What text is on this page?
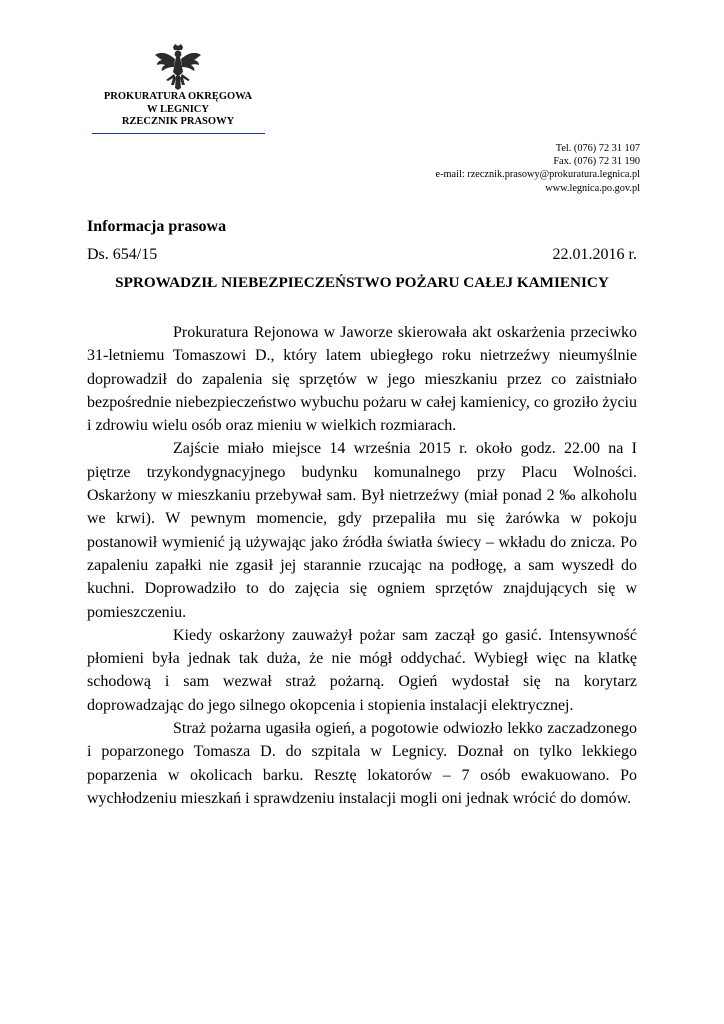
PROKURATURA OKRĘGOWA
W LEGNICY
RZECZNIK PRASOWY
Tel. (076) 72 31 107
Fax. (076) 72 31 190
e-mail: rzecznik.prasowy@prokuratura.legnica.pl
www.legnica.po.gov.pl
Informacja prasowa
Ds. 654/15	22.01.2016 r.
SPROWADZIŁ NIEBEZPIECZEŃSTWO POŻARU CAŁEJ KAMIENICY

Prokuratura Rejonowa w Jaworze skierowała akt oskarżenia przeciwko 31-letniemu Tomaszowi D., który latem ubiegłego roku nietrzeźwy nieumyślnie doprowadził do zapalenia się sprzętów w jego mieszkaniu przez co zaistniało bezpośrednie niebezpieczeństwo wybuchu pożaru w całej kamienicy, co groziło życiu i zdrowiu wielu osób oraz mieniu w wielkich rozmiarach.

Zajście miało miejsce 14 września 2015 r. około godz. 22.00 na I piętrze trzykondygnacyjnego budynku komunalnego przy Placu Wolności. Oskarżony w mieszkaniu przebywał sam. Był nietrzeźwy (miał ponad 2 ‰ alkoholu we krwi). W pewnym momencie, gdy przepaliła mu się żarówka w pokoju postanowił wymienić ją używając jako źródła światła świecy – wkładu do znicza. Po zapaleniu zapałki nie zgasił jej starannie rzucając na podłogę, a sam wyszedł do kuchni. Doprowadziło to do zajęcia się ogniem sprzętów znajdujących się w pomieszczeniu.

Kiedy oskarżony zauważył pożar sam zaczął go gasić. Intensywność płomieni była jednak tak duża, że nie mógł oddychać. Wybiegł więc na klatkę schodową i sam wezwał straż pożarną. Ogień wydostał się na korytarz doprowadzając do jego silnego okopcenia i stopienia instalacji elektrycznej.

Straż pożarna ugasiła ogień, a pogotowie odwiozło lekko zaczadzonego i poparzonego Tomasza D. do szpitala w Legnicy. Doznał on tylko lekkiego poparzenia w okolicach barku. Resztę lokatorów – 7 osób ewakuowano. Po wychłodzeniu mieszkań i sprawdzeniu instalacji mogli oni jednak wrócić do domów.
